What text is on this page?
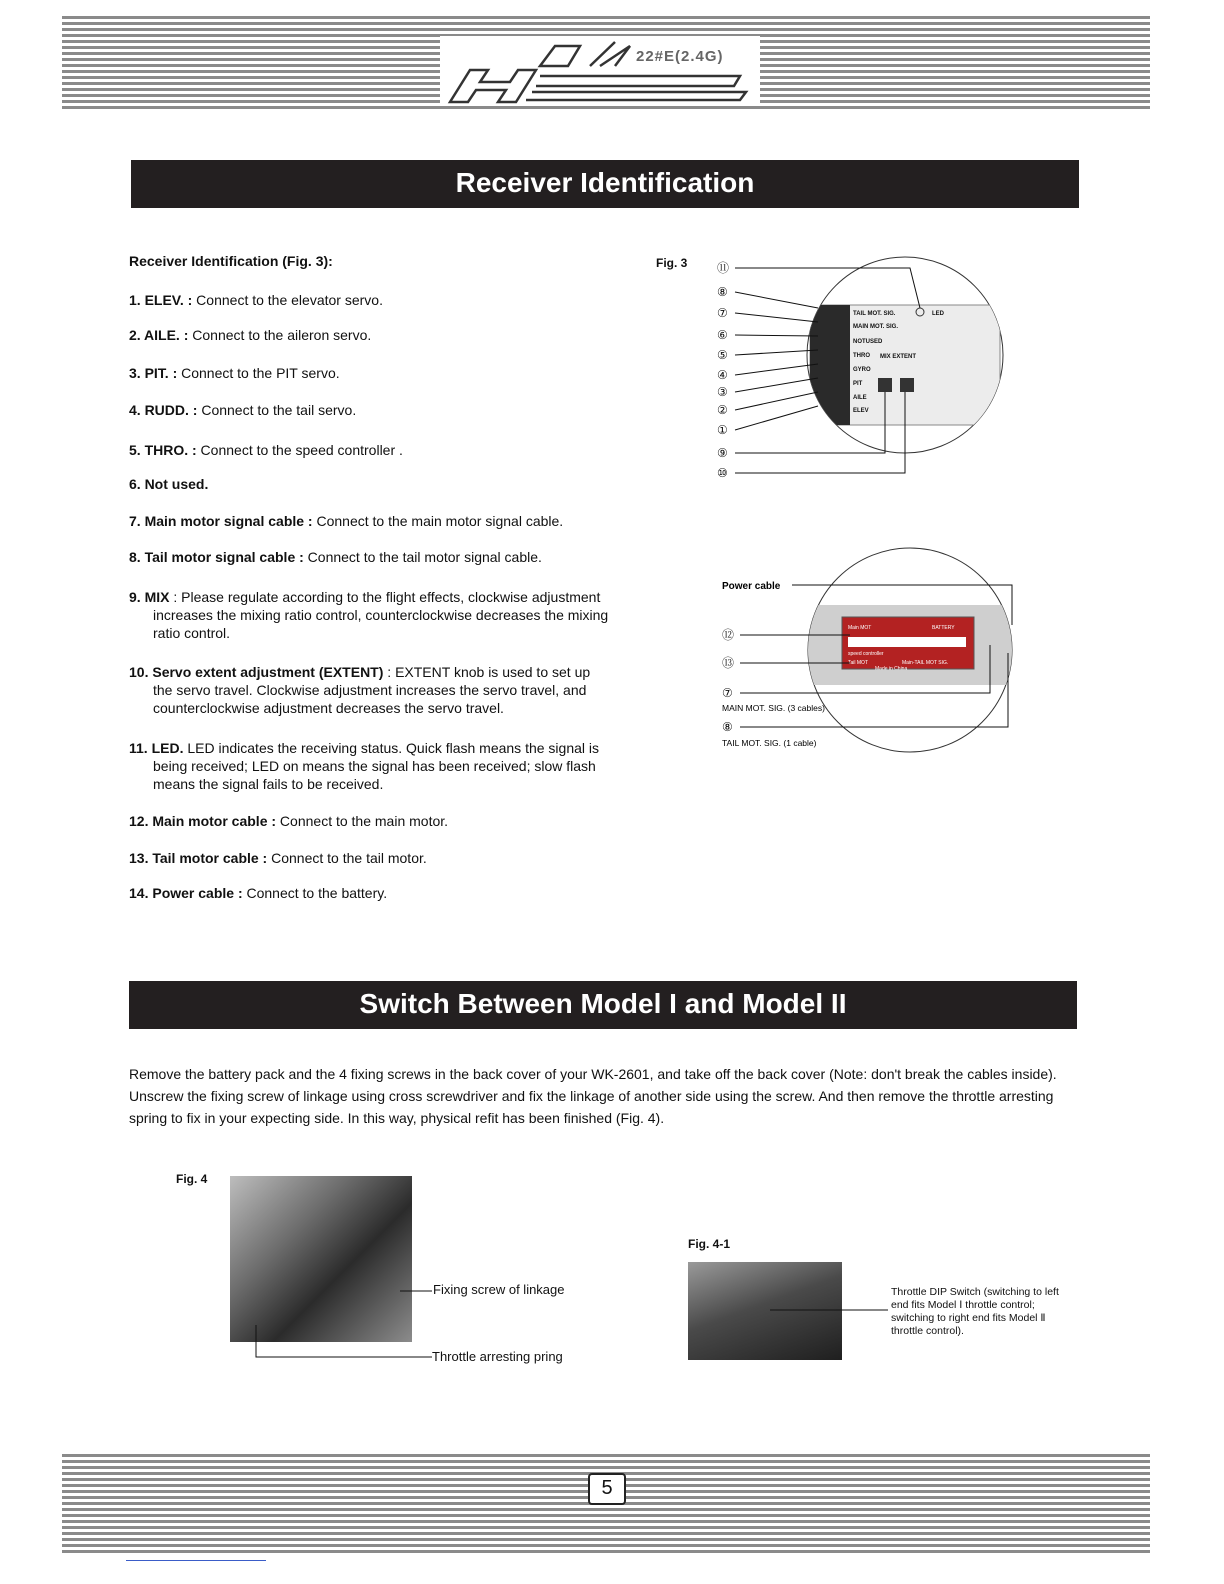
22#E(2.4G)
Receiver Identification
Receiver Identification (Fig. 3):
1. ELEV. : Connect to the elevator servo.
2. AILE. : Connect to the aileron servo.
3. PIT. : Connect to the PIT servo.
4. RUDD. : Connect to the tail servo.
5. THRO. : Connect to the speed controller .
6. Not used.
7. Main motor signal cable : Connect to the main motor signal cable.
8. Tail motor signal cable : Connect to the tail motor signal cable.
9. MIX : Please regulate according to the flight effects, clockwise adjustment
increases the mixing ratio control, counterclockwise decreases the mixing ratio control.
10. Servo extent adjustment (EXTENT) : EXTENT knob is used to set up
the servo travel. Clockwise adjustment increases the servo travel, and counterclockwise adjustment decreases the servo travel.
11. LED. LED indicates the receiving status. Quick flash means the signal is
being received; LED on means the signal has been received; slow flash means the signal fails to be received.
12. Main motor cable : Connect to the main motor.
13. Tail motor cable : Connect to the tail motor.
14. Power cable : Connect to the battery.
Fig. 3
TAIL MOT. SIG.
MAIN MOT. SIG.
NOTUSED
THRO
GYRO
PIT
AILE
ELEV
LED
MIX EXTENT
⑪
⑧
⑦
⑥
⑤
④
③
②
①
⑨
⑩
Main MOT	BATTERY
speed controller
Tail MOT	Main-TAIL MOT SIG.
Made in China
⑫
⑬
⑦
⑧
Power cable
MAIN MOT. SIG. (3 cables)
TAIL MOT. SIG. (1 cable)
Switch Between Model I and Model II
Remove the battery pack and the 4 fixing screws in the back cover of your WK-2601, and take off the back cover (Note: don't break the cables inside). Unscrew the fixing screw of linkage using cross screwdriver and fix the linkage of another side using the screw. And then remove the throttle arresting spring to fix in your expecting side. In this way, physical refit has been finished (Fig. 4).
Fig. 4
Fixing screw of linkage
Throttle arresting pring
Fig. 4-1
Throttle DIP Switch (switching to left end fits Model Ⅰ throttle control; switching to right end fits Model Ⅱ throttle control).
5
